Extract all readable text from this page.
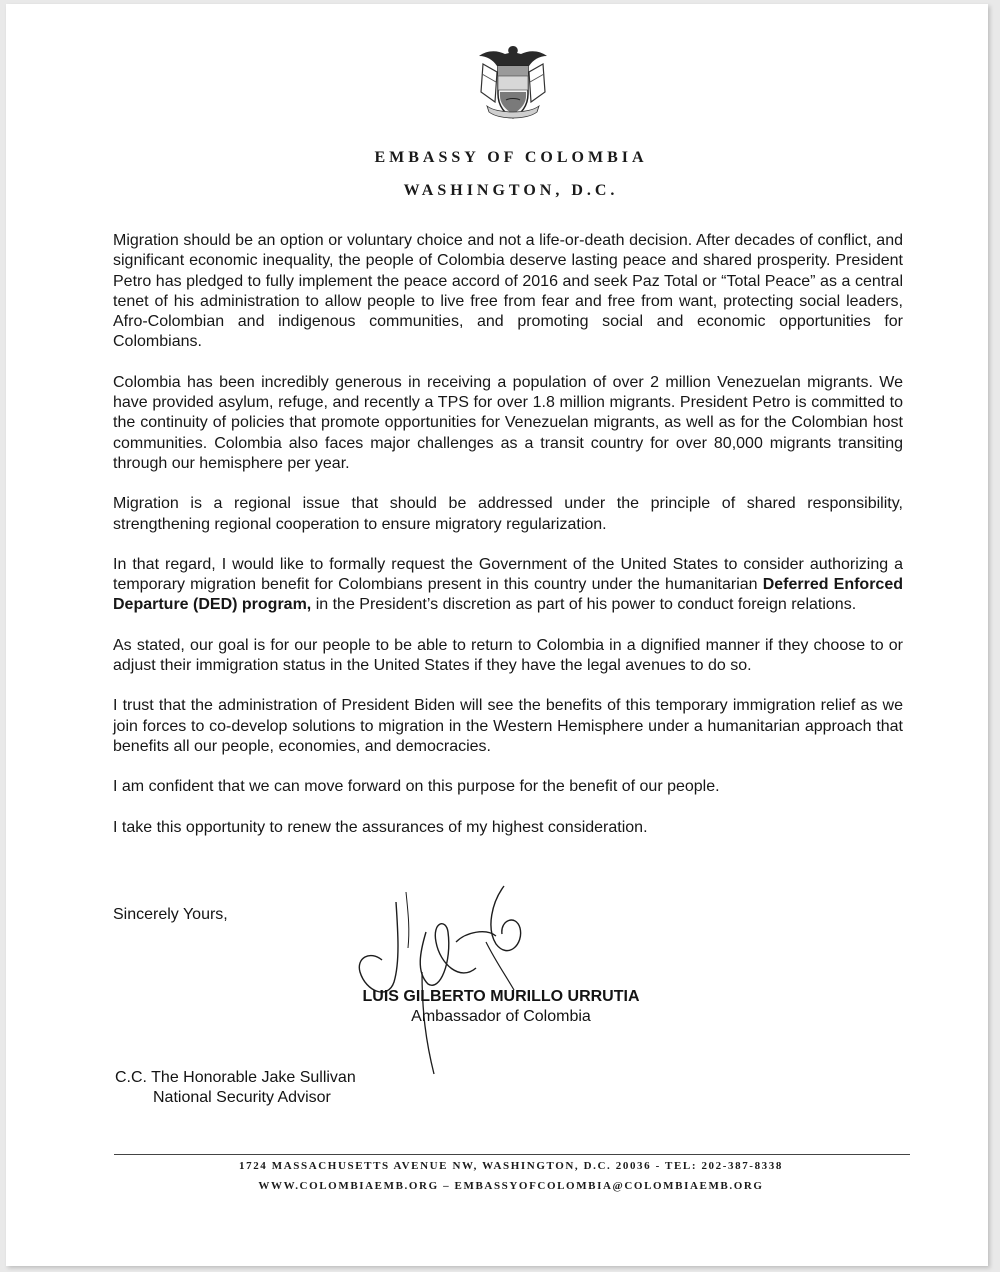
EMBASSY OF COLOMBIA
WASHINGTON, D.C.

Migration should be an option or voluntary choice and not a life-or-death decision. After decades of conflict, and significant economic inequality, the people of Colombia deserve lasting peace and shared prosperity. President Petro has pledged to fully implement the peace accord of 2016 and seek Paz Total or “Total Peace” as a central tenet of his administration to allow people to live free from fear and free from want, protecting social leaders, Afro-Colombian and indigenous communities, and promoting social and economic opportunities for Colombians.

Colombia has been incredibly generous in receiving a population of over 2 million Venezuelan migrants. We have provided asylum, refuge, and recently a TPS for over 1.8 million migrants. President Petro is committed to the continuity of policies that promote opportunities for Venezuelan migrants, as well as for the Colombian host communities. Colombia also faces major challenges as a transit country for over 80,000 migrants transiting through our hemisphere per year.

Migration is a regional issue that should be addressed under the principle of shared responsibility, strengthening regional cooperation to ensure migratory regularization.

In that regard, I would like to formally request the Government of the United States to consider authorizing a temporary migration benefit for Colombians present in this country under the humanitarian Deferred Enforced Departure (DED) program, in the President’s discretion as part of his power to conduct foreign relations.

As stated, our goal is for our people to be able to return to Colombia in a dignified manner if they choose to or adjust their immigration status in the United States if they have the legal avenues to do so.

I trust that the administration of President Biden will see the benefits of this temporary immigration relief as we join forces to co-develop solutions to migration in the Western Hemisphere under a humanitarian approach that benefits all our people, economies, and democracies.

I am confident that we can move forward on this purpose for the benefit of our people.

I take this opportunity to renew the assurances of my highest consideration.

Sincerely Yours,
LUIS GILBERTO MURILLO URRUTIA
Ambassador of Colombia
C.C. The Honorable Jake Sullivan
National Security Advisor
1724 MASSACHUSETTS AVENUE NW, WASHINGTON, D.C. 20036 - TEL: 202-387-8338
WWW.COLOMBIAEMB.ORG – EMBASSYOFCOLOMBIA@COLOMBIAEMB.ORG
